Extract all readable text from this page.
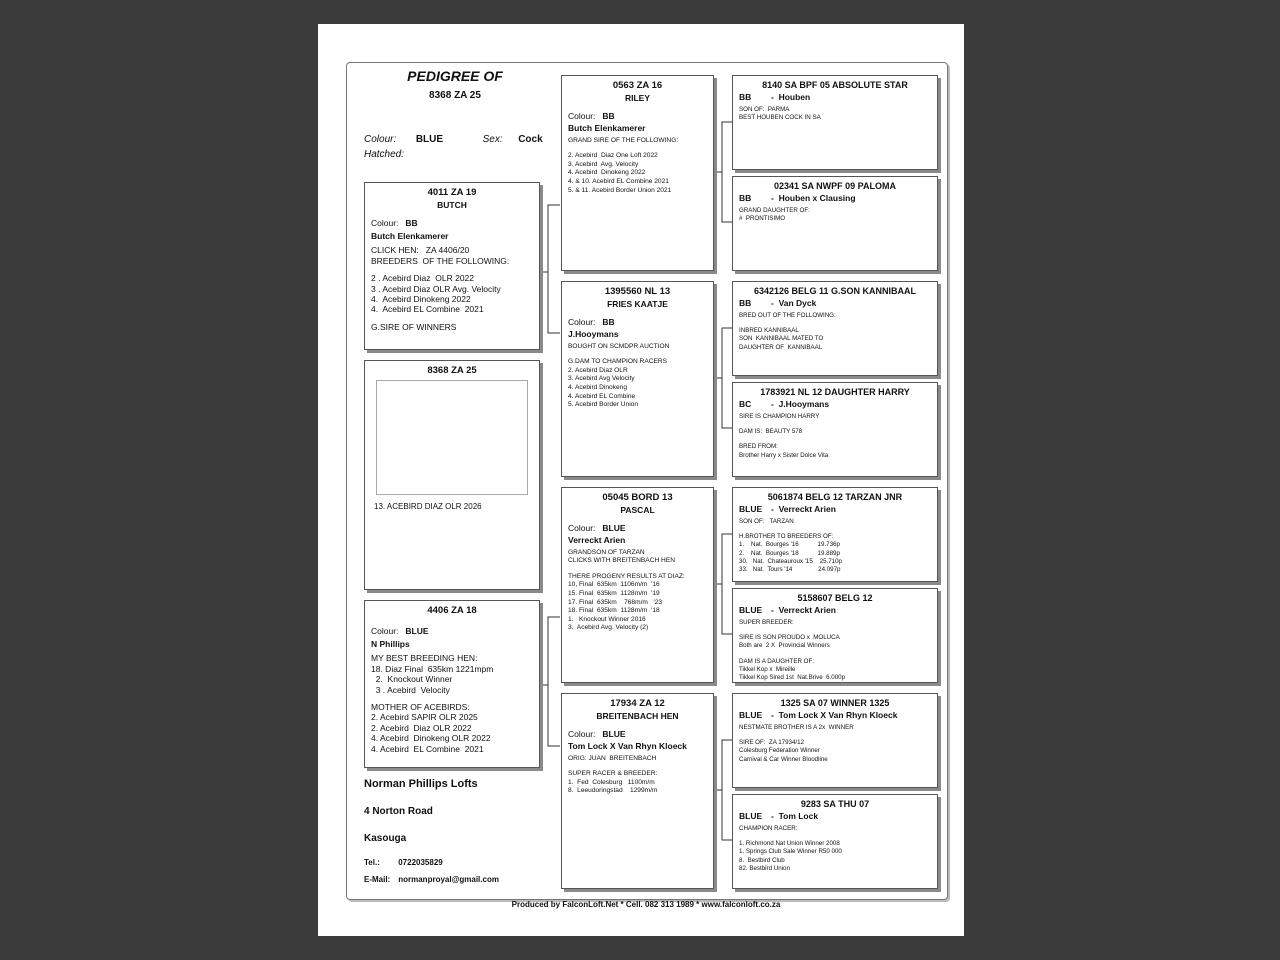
PEDIGREE OF
8368 ZA 25
Colour: BLUE	Sex: Cock
Hatched:
4011 ZA 19
BUTCH
Colour: BB
Butch Elenkamerer
CLICK HEN:   ZA 4406/20
BREEDERS  OF THE FOLLOWING:
2 . Acebird Diaz  OLR 2022
3 . Acebird Diaz OLR Avg. Velocity
4.  Acebird Dinokeng 2022
4.  Acebird EL Combine  2021
G.SIRE OF WINNERS
8368 ZA 25
13. ACEBIRD DIAZ OLR 2026
4406 ZA 18
Colour: BLUE
N Phillips
MY BEST BREEDING HEN:
18. Diaz Final  635km 1221mpm
2.  Knockout Winner
3 . Acebird  Velocity
MOTHER OF ACEBIRDS:
2. Acebird SAPIR OLR 2025
2. Acebird  Diaz OLR 2022
4. Acebird  Dinokeng OLR 2022
4. Acebird  EL Combine  2021
0563 ZA 16
RILEY
Colour: BB
Butch Elenkamerer
GRAND SIRE OF THE FOLLOWING:
2. Acebird  Diaz One Loft 2022
3. Acebird  Avg. Velocity
4. Acebird  Dinokeng 2022
4. & 10. Acebird EL Combine 2021
5. & 11. Acebird Border Union 2021
1395560 NL 13
FRIES KAATJE
Colour: BB
J.Hooymans
BOUGHT ON SCMDPR AUCTION
G.DAM TO CHAMPION RACERS
2. Acebird Diaz OLR
3. Acebird Avg Velocity
4. Acebird Dinokeng
4. Acebird EL Combine
5. Acebird Border Union
05045 BORD 13
PASCAL
Colour: BLUE
Verreckt Arien
GRANDSON OF TARZAN
CLICKS WITH BREITENBACH HEN
THERE PROGENY RESULTS AT DIAZ:
10, Final  635km  1106m/m  '16
15. Final  635km  1128m/m  '19
17. Final  635km    768m/m   '23
18. Final  635km  1128m/m  '18
1.   Knockout Winner 2016
3.  Acebird Avg. Velocity (2)
17934 ZA 12
BREITENBACH HEN
Colour: BLUE
Tom Lock X Van Rhyn Kloeck
ORIG: JUAN  BREITENBACH
SUPER RACER & BREEDER:
1.  Fed  Colesburg   1100m/m
8.  Leeudoringstad    1299m/m
8140 SA BPF 05 ABSOLUTE STAR
BB -  Houben
SON OF:  PARMA
BEST HOUBEN COCK IN SA
02341 SA NWPF 09 PALOMA
BB -  Houben x Clausing
GRAND DAUGHTER OF:
#  PRONTISIMO
6342126 BELG 11 G.SON KANNIBAAL
BB -  Van Dyck
BRED OUT OF THE FOLLOWING:
INBRED KANNIBAAL
SON  KANNIBAAL MATED TO
DAUGHTER OF  KANNIBAAL
1783921 NL 12 DAUGHTER HARRY
BC -  J.Hooymans
SIRE IS CHAMPION HARRY
DAM IS:  BEAUTY 578
BRED FROM:
Brother Harry x Sister Dolce Vita
5061874 BELG 12 TARZAN JNR
BLUE -  Verreckt Arien
SON OF:   TARZAN
H.BROTHER TO BREEDERS OF:
1.    Nat.  Bourges '16           19.736p
2.    Nat.  Bourges '18           19.889p
30.   Nat.  Chateauroux '15    25.710p
33.   Nat.  Tours '14               24.097p
5158607 BELG 12
BLUE -  Verreckt Arien
SUPER BREEDER:
SIRE IS SON PROUDO x  MOLUCA
Both are  2 X  Provincial Winners
DAM IS A DAUGHTER OF:
Tikkel Kop x  Mireille
Tikkel Kop Sired 1st  Nat.Brive  6.000p
1325 SA 07 WINNER 1325
BLUE -  Tom Lock X Van Rhyn Kloeck
NESTMATE BROTHER IS A 2x  WINNER
SIRE OF:  ZA 17934/12
Colesburg Federation Winner
Carnival & Car Winner Bloodline
9283 SA THU 07
BLUE -  Tom Lock
CHAMPION RACER:
1. Richmond Nat Union Winner 2008
1. Springs Club Sale Winner R50 000
8.  Bestbird Club
82. Bestbird Union
Norman Phillips Lofts
4 Norton Road
Kasouga
Tel.: 0722035829
E-Mail: normanproyal@gmail.com
Produced by FalconLoft.Net * Cell. 082 313 1989 * www.falconloft.co.za
